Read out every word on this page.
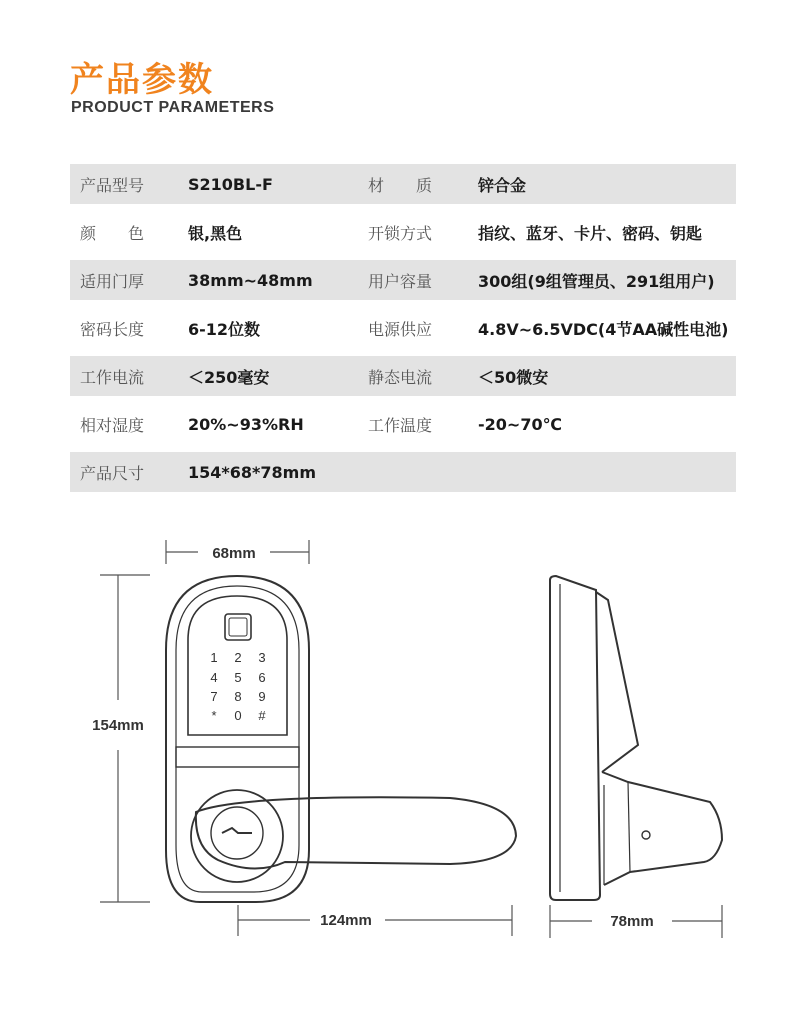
产品参数
PRODUCT PARAMETERS
产品型号	S210BL-F	材　　质	锌合金
颜　　色	银,黑色	开锁方式	指纹、蓝牙、卡片、密码、钥匙
适用门厚	38mm~48mm	用户容量	300组(9组管理员、291组用户)
密码长度	6-12位数	电源供应	4.8V~6.5VDC(4节AA碱性电池)
工作电流	＜250毫安	静态电流	＜50微安
相对湿度	20%~93%RH	工作温度	-20~70℃
产品尺寸	154*68*78mm
68mm
154mm
1 2 3
4 5 6
7 8 9
* 0 #
124mm	78mm
